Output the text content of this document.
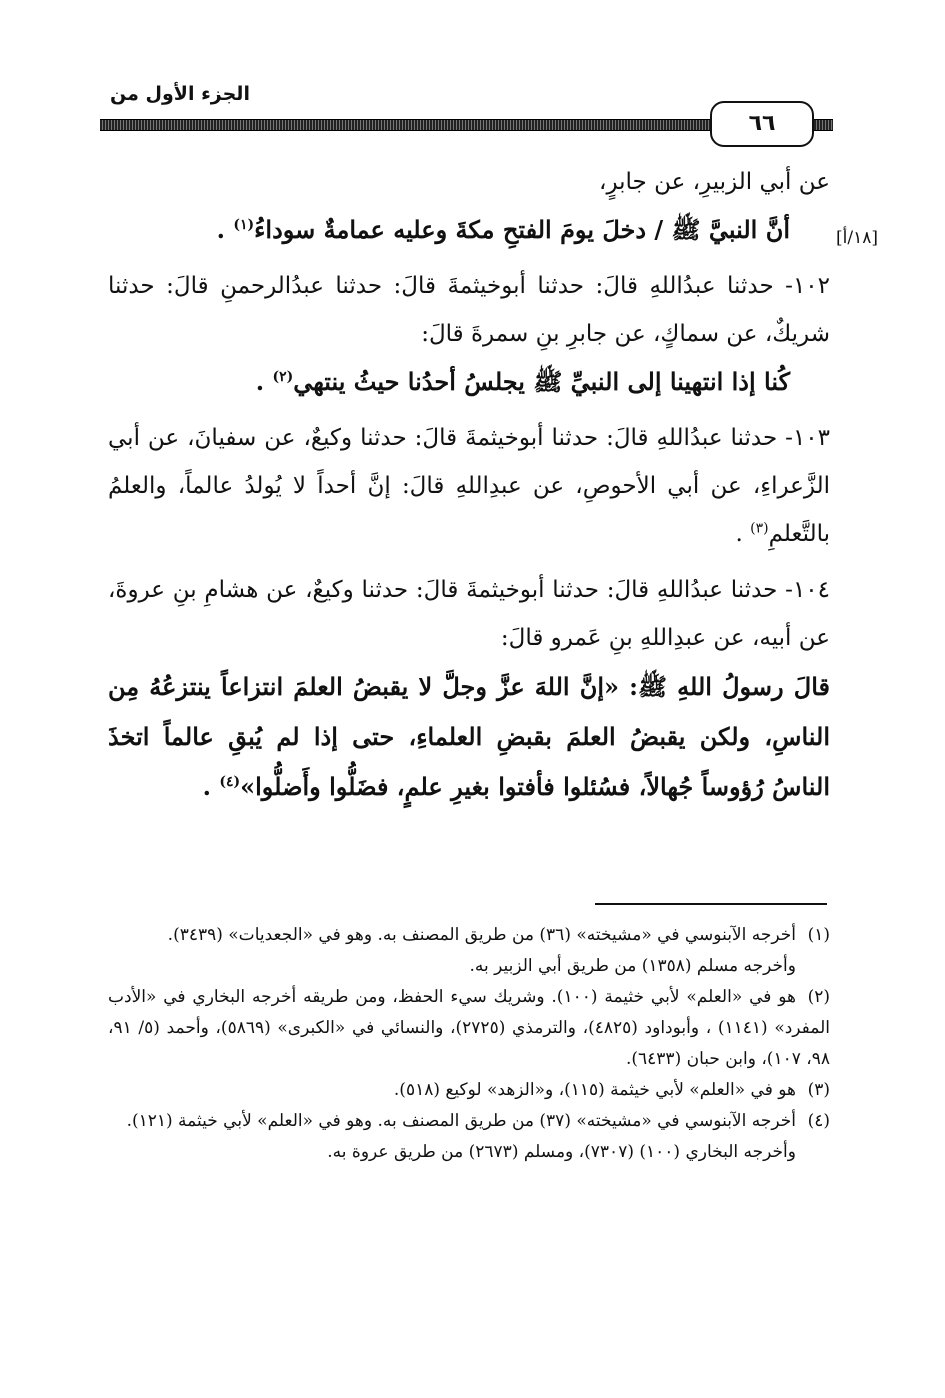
الجزء الأول من
٦٦
[١٨/أ]

عن أبي الزبيرِ، عن جابرٍ،

أنَّ النبيَّ ﷺ / دخلَ يومَ الفتحِ مكةَ وعليه عمامةٌ سوداءُ$^{(١)}$ .

١٠٢- حدثنا عبدُاللهِ قالَ: حدثنا أبوخيثمةَ قالَ: حدثنا عبدُالرحمنِ قالَ: حدثنا شريكٌ، عن سماكٍ، عن جابرِ بنِ سمرةَ قالَ:

كُنا إذا انتهينا إلى النبيِّ ﷺ يجلسُ أحدُنا حيثُ ينتهي$^{(٢)}$ .

١٠٣- حدثنا عبدُاللهِ قالَ: حدثنا أبوخيثمةَ قالَ: حدثنا وكيعٌ، عن سفيانَ، عن أبي الزَّعراءِ، عن أبي الأحوصِ، عن عبدِاللهِ قالَ: إنَّ أحداً لا يُولدُ عالماً، والعلمُ بالتَّعلمِ$^{(٣)}$ .

١٠٤- حدثنا عبدُاللهِ قالَ: حدثنا أبوخيثمةَ قالَ: حدثنا وكيعٌ، عن هشامِ بنِ عروةَ، عن أبيه، عن عبدِاللهِ بنِ عَمرو قالَ:

قالَ رسولُ اللهِ ﷺ: «إنَّ اللهَ عزَّ وجلَّ لا يقبضُ العلمَ انتزاعاً ينتزعُهُ مِن الناسِ، ولكن يقبضُ العلمَ بقبضِ العلماءِ، حتى إذا لم يُبقِ عالماً اتخذَ الناسُ رُؤوساً جُهالاً، فسُئلوا فأفتوا بغيرِ علمٍ، فضَلُّوا وأَضلُّوا»$^{(٤)}$ .

(١)أخرجه الآبنوسي في «مشيخته» (٣٦) من طريق المصنف به. وهو في «الجعديات» (٣٤٣٩).

وأخرجه مسلم (١٣٥٨) من طريق أبي الزبير به.

(٢)هو في «العلم» لأبي خثيمة (١٠٠). وشريك سيء الحفظ، ومن طريقه أخرجه البخاري في «الأدب المفرد» (١١٤١) ، وأبوداود (٤٨٢٥)، والترمذي (٢٧٢٥)، والنسائي في «الكبرى» (٥٨٦٩)، وأحمد (٥/ ٩١، ٩٨، ١٠٧)، وابن حبان (٦٤٣٣).

(٣)هو في «العلم» لأبي خيثمة (١١٥)، و«الزهد» لوكيع (٥١٨).

(٤)أخرجه الآبنوسي في «مشيخته» (٣٧) من طريق المصنف به. وهو في «العلم» لأبي خيثمة (١٢١).

وأخرجه البخاري (١٠٠) (٧٣٠٧)، ومسلم (٢٦٧٣) من طريق عروة به.
